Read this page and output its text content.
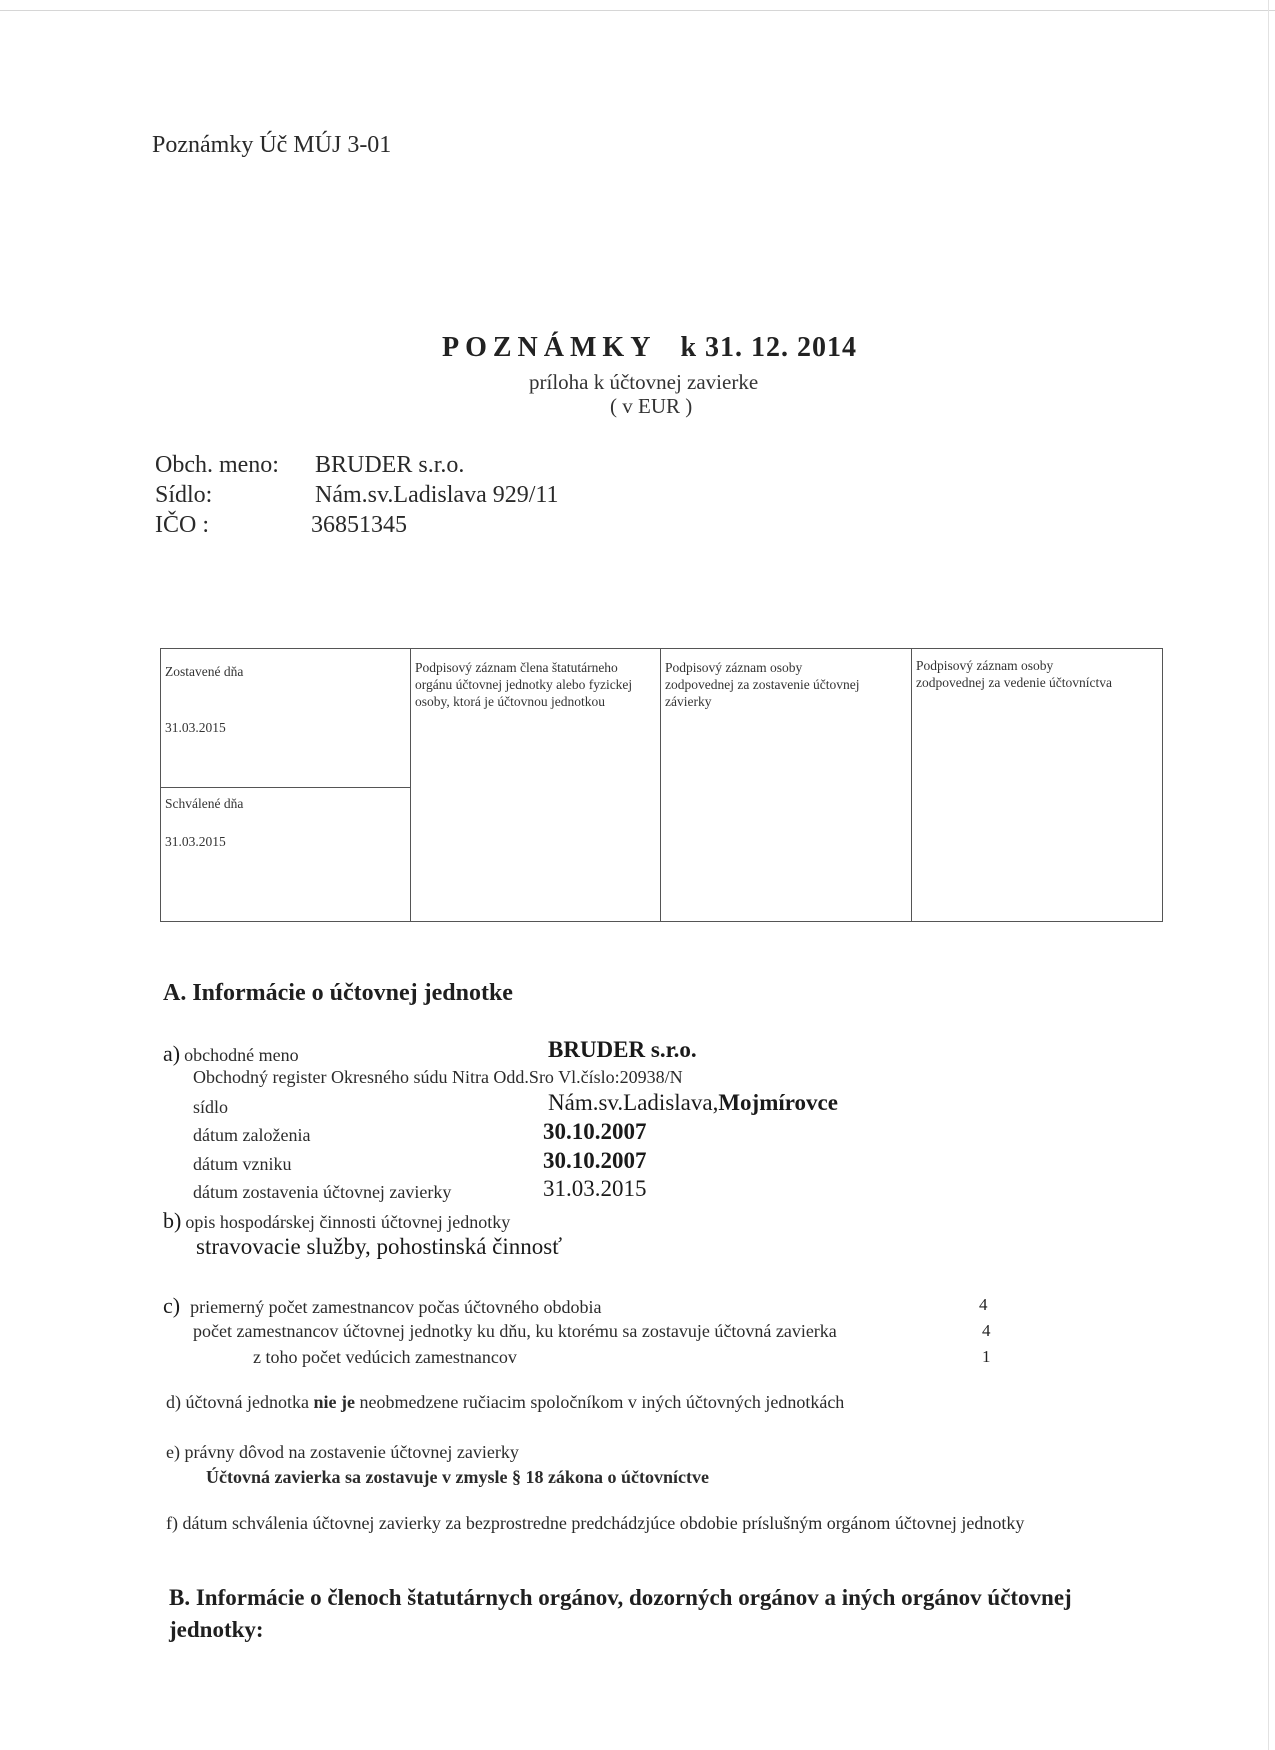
Poznámky Úč MÚJ 3-01
POZNÁMKY k 31. 12. 2014
príloha k účtovnej zavierke
( v EUR )
Obch. meno: BRUDER s.r.o.
Sídlo:	Nám.sv.Ladislava 929/11
IČO :	36851345
Zostavené dňa
31.03.2015
Schválené dňa
31.03.2015
Podpisový záznam člena štatutárneho orgánu účtovnej jednotky alebo fyzickej osoby, ktorá je účtovnou jednotkou
Podpisový záznam osoby zodpovednej za zostavenie účtovnej závierky
Podpisový záznam osoby zodpovednej za vedenie účtovníctva
A. Informácie o účtovnej jednotke
a) obchodné meno	BRUDER s.r.o.
Obchodný register Okresného súdu Nitra Odd.Sro Vl.číslo:20938/N
sídlo	Nám.sv.Ladislava,Mojmírovce
dátum založenia	30.10.2007
dátum vzniku	30.10.2007
dátum zostavenia účtovnej zavierky	31.03.2015
b) opis hospodárskej činnosti účtovnej jednotky
stravovacie služby, pohostinská činnosť
c) priemerný počet zamestnancov počas účtovného obdobia	4
počet zamestnancov účtovnej jednotky ku dňu, ku ktorému sa zostavuje účtovná zavierka	4
z toho počet vedúcich zamestnancov	1
d) účtovná jednotka nie je neobmedzene ručiacim spoločníkom v iných účtovných jednotkách
e) právny dôvod na zostavenie účtovnej zavierky
Účtovná zavierka sa zostavuje v zmysle § 18 zákona o účtovníctve
f) dátum schválenia účtovnej zavierky za bezprostredne predchádzjúce obdobie príslušným orgánom účtovnej jednotky
B. Informácie o členoch štatutárnych orgánov, dozorných orgánov a iných orgánov účtovnej jednotky:
